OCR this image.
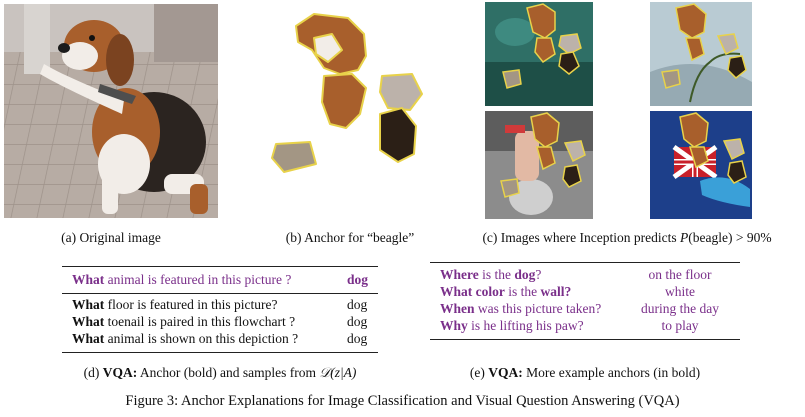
(a) Original image	(b) Anchor for “beagle”	(c) Images where Inception predicts P(beagle) > 90%
What animal is featured in this picture ?	dog
What floor is featured in this picture?	dog
What toenail is paired in this flowchart ?	dog
What animal is shown on this depiction ?	dog
(d) VQA: Anchor (bold) and samples from 𝒟(z|A)
Where is the dog?	on the floor
What color is the wall?	white
When was this picture taken?	during the day
Why is he lifting his paw?	to play
(e) VQA: More example anchors (in bold)
Figure 3: Anchor Explanations for Image Classification and Visual Question Answering (VQA)
